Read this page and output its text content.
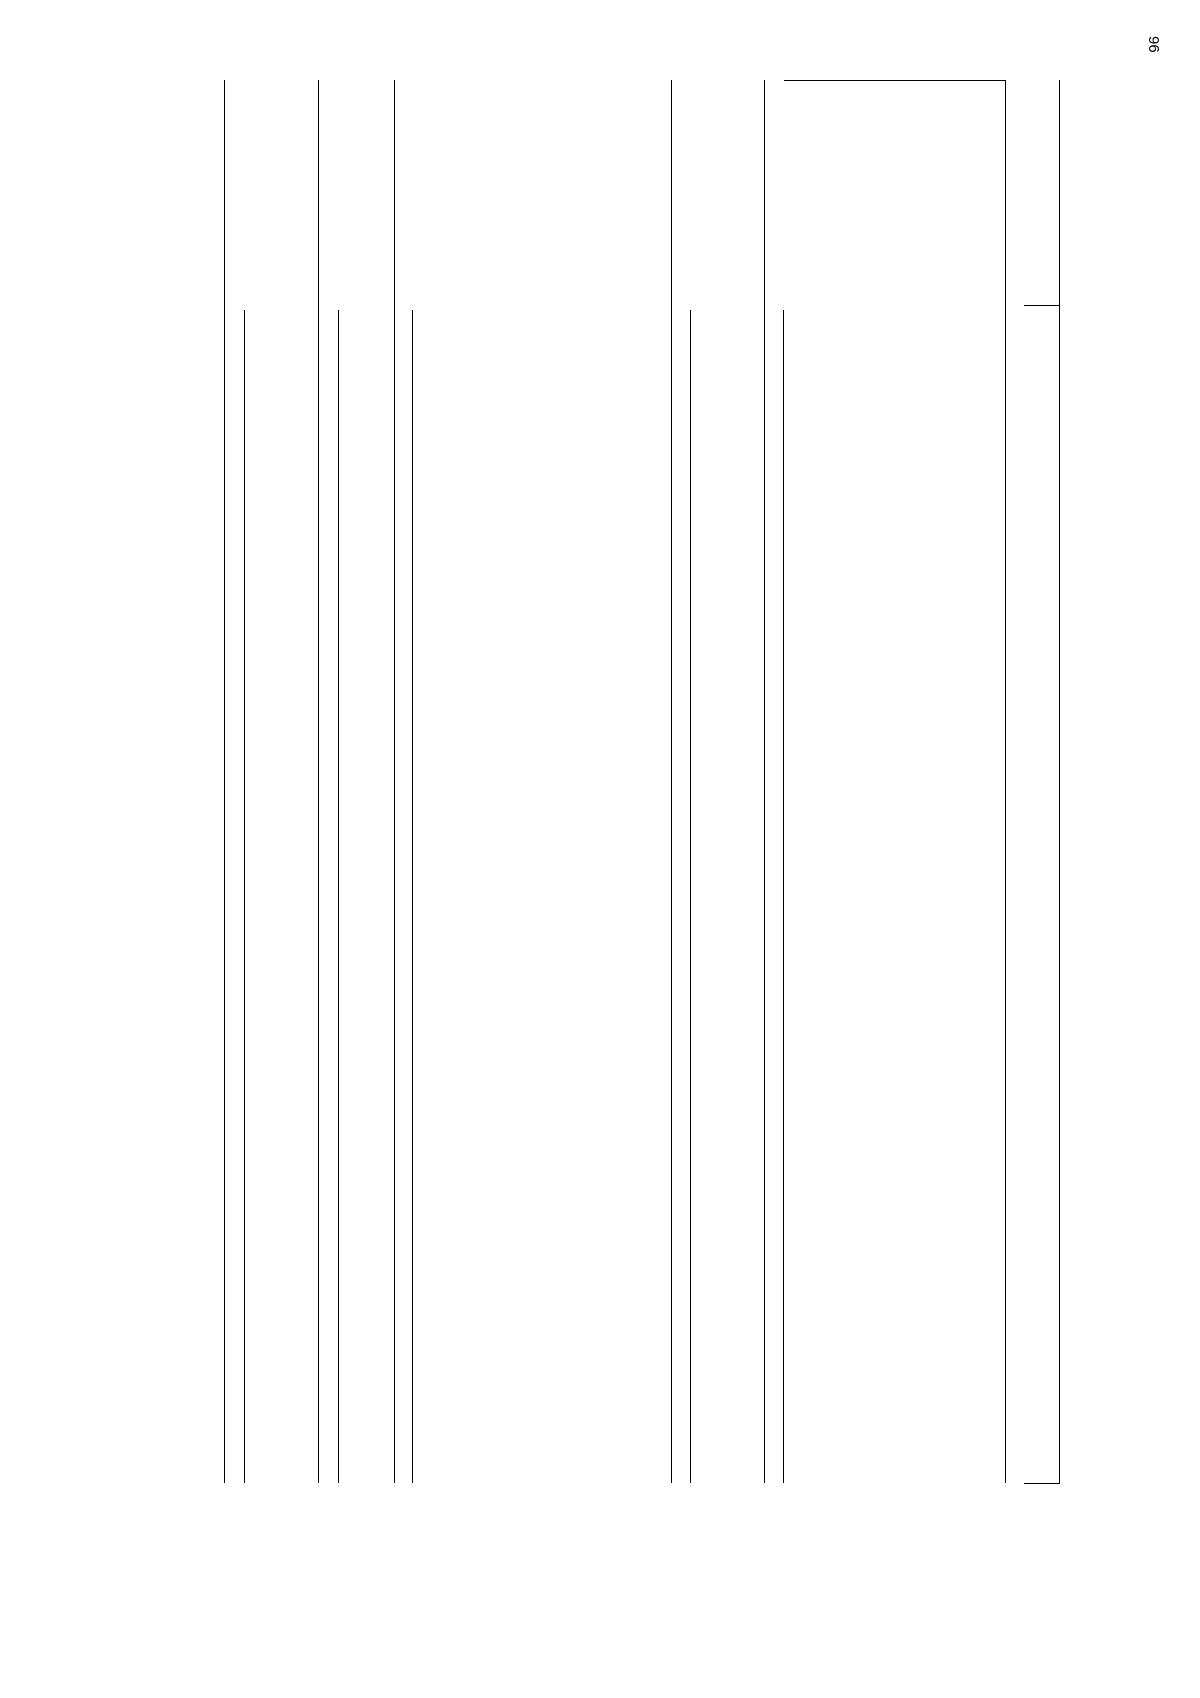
96
